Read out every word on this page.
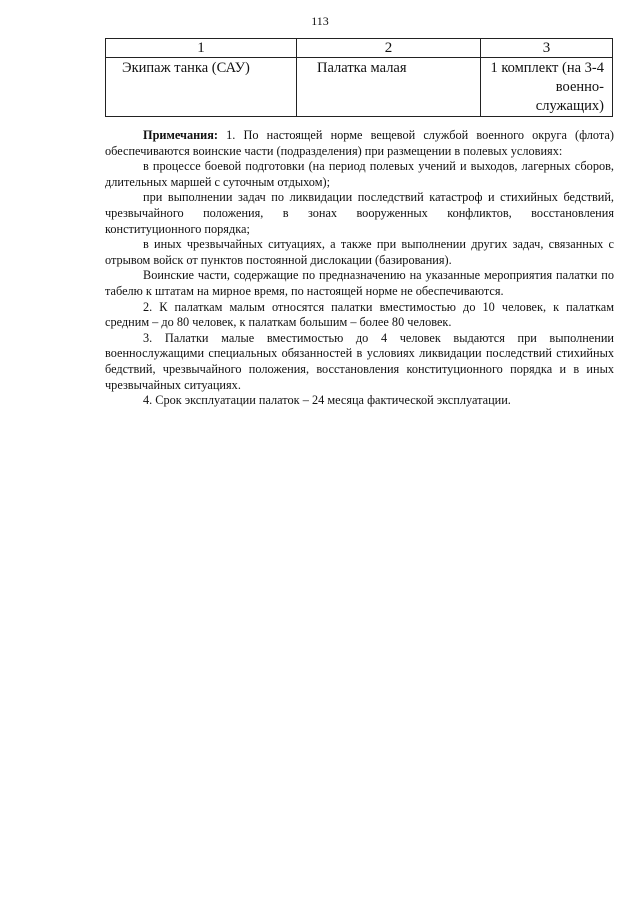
113
1	2	3
Экипаж танка (САУ)	Палатка малая	1 комплект (на 3-4 военно-служащих)

Примечания: 1. По настоящей норме вещевой службой военного округа (флота) обеспечиваются воинские части (подразделения) при размещении в полевых условиях:

в процессе боевой подготовки (на период полевых учений и выходов, лагерных сборов, длительных маршей с суточным отдыхом);

при выполнении задач по ликвидации последствий катастроф и стихийных бедствий, чрезвычайного положения, в зонах вооруженных конфликтов, восстановления конституционного порядка;

в иных чрезвычайных ситуациях, а также при выполнении других задач, связанных с отрывом войск от пунктов постоянной дислокации (базирования).

Воинские части, содержащие по предназначению на указанные мероприятия палатки по табелю к штатам на мирное время, по настоящей норме не обеспечиваются.

2. К палаткам малым относятся палатки вместимостью до 10 человек, к палаткам средним – до 80 человек, к палаткам большим – более 80 человек.

3. Палатки малые вместимостью до 4 человек выдаются при выполнении военнослужащими специальных обязанностей в условиях ликвидации последствий стихийных бедствий, чрезвычайного положения, восстановления конституционного порядка и в иных чрезвычайных ситуациях.

4. Срок эксплуатации палаток – 24 месяца фактической эксплуатации.
